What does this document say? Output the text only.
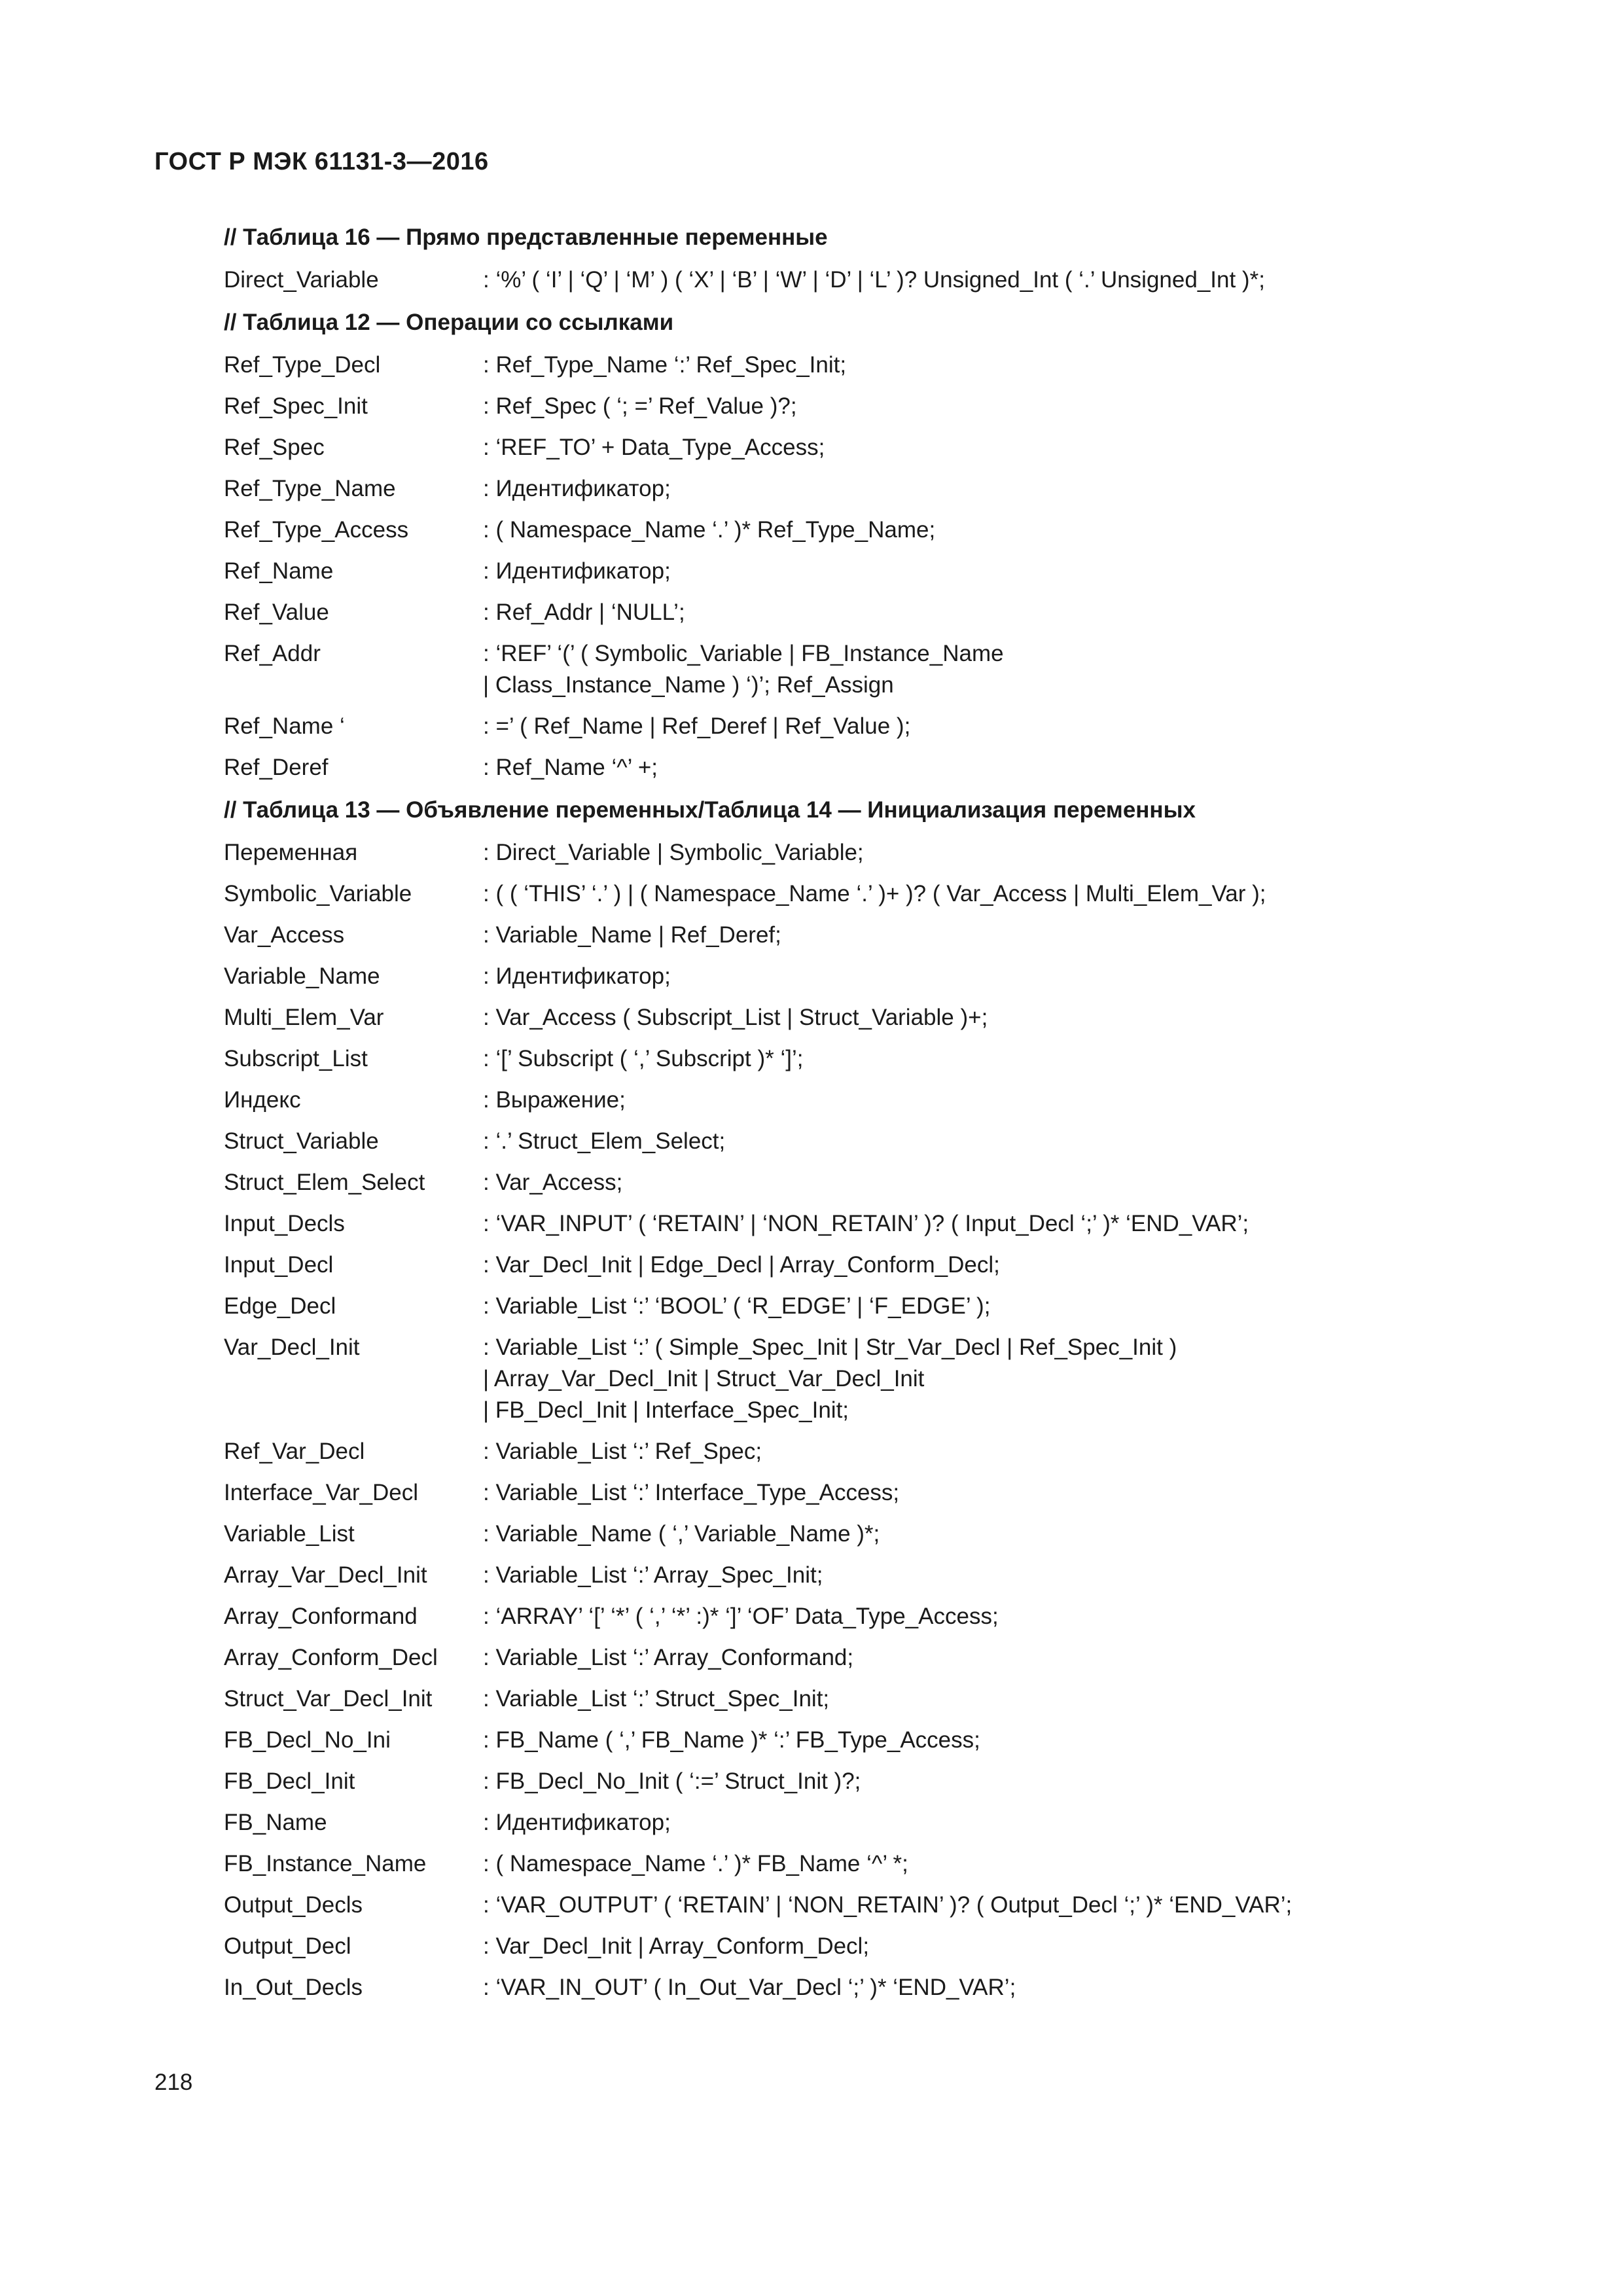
ГОСТ Р МЭК 61131-3—2016
// Таблица 16 — Прямо представленные переменные
Direct_Variable	: ‘%’ ( ‘I’ | ‘Q’ | ‘M’ ) ( ‘X’ | ‘B’ | ‘W’ | ‘D’ | ‘L’ )? Unsigned_Int ( ‘.’ Unsigned_Int )*;
// Таблица 12 — Операции со ссылками
Ref_Type_Decl	: Ref_Type_Name ‘:’ Ref_Spec_Init;
Ref_Spec_Init	: Ref_Spec ( ‘; =’ Ref_Value )?;
Ref_Spec	: ‘REF_TO’ + Data_Type_Access;
Ref_Type_Name	: Идентификатор;
Ref_Type_Access	: ( Namespace_Name ‘.’ )* Ref_Type_Name;
Ref_Name	: Идентификатор;
Ref_Value	: Ref_Addr | ‘NULL’;
Ref_Addr	: ‘REF’ ‘(’ ( Symbolic_Variable | FB_Instance_Name
| Class_Instance_Name ) ‘)’; Ref_Assign
Ref_Name ‘	: =’ ( Ref_Name | Ref_Deref | Ref_Value );
Ref_Deref	: Ref_Name ‘^’ +;
// Таблица 13 — Объявление переменных/Таблица 14 — Инициализация переменных
Переменная	: Direct_Variable | Symbolic_Variable;
Symbolic_Variable	: ( ( ‘THIS’ ‘.’ ) | ( Namespace_Name ‘.’ )+ )? ( Var_Access | Multi_Elem_Var );
Var_Access	: Variable_Name | Ref_Deref;
Variable_Name	: Идентификатор;
Multi_Elem_Var	: Var_Access ( Subscript_List | Struct_Variable )+;
Subscript_List	: ‘[’ Subscript ( ‘,’ Subscript )* ‘]’;
Индекс	: Выражение;
Struct_Variable	: ‘.’ Struct_Elem_Select;
Struct_Elem_Select	: Var_Access;
Input_Decls	: ‘VAR_INPUT’ ( ‘RETAIN’ | ‘NON_RETAIN’ )? ( Input_Decl ‘;’ )* ‘END_VAR’;
Input_Decl	: Var_Decl_Init | Edge_Decl | Array_Conform_Decl;
Edge_Decl	: Variable_List ‘:’ ‘BOOL’ ( ‘R_EDGE’ | ‘F_EDGE’ );
Var_Decl_Init	: Variable_List ‘:’ ( Simple_Spec_Init | Str_Var_Decl | Ref_Spec_Init )
| Array_Var_Decl_Init | Struct_Var_Decl_Init
| FB_Decl_Init | Interface_Spec_Init;
Ref_Var_Decl	: Variable_List ‘:’ Ref_Spec;
Interface_Var_Decl	: Variable_List ‘:’ Interface_Type_Access;
Variable_List	: Variable_Name ( ‘,’ Variable_Name )*;
Array_Var_Decl_Init	: Variable_List ‘:’ Array_Spec_Init;
Array_Conformand	: ‘ARRAY’ ‘[’ ‘*’ ( ‘,’ ‘*’ :)* ‘]’ ‘OF’ Data_Type_Access;
Array_Conform_Decl	: Variable_List ‘:’ Array_Conformand;
Struct_Var_Decl_Init	: Variable_List ‘:’ Struct_Spec_Init;
FB_Decl_No_Ini	: FB_Name ( ‘,’ FB_Name )* ‘:’ FB_Type_Access;
FB_Decl_Init	: FB_Decl_No_Init ( ‘:=’ Struct_Init )?;
FB_Name	: Идентификатор;
FB_Instance_Name	: ( Namespace_Name ‘.’ )* FB_Name ‘^’ *;
Output_Decls	: ‘VAR_OUTPUT’ ( ‘RETAIN’ | ‘NON_RETAIN’ )? ( Output_Decl ‘;’ )* ‘END_VAR’;
Output_Decl	: Var_Decl_Init | Array_Conform_Decl;
In_Out_Decls	: ‘VAR_IN_OUT’ ( In_Out_Var_Decl ‘;’ )* ‘END_VAR’;
218
